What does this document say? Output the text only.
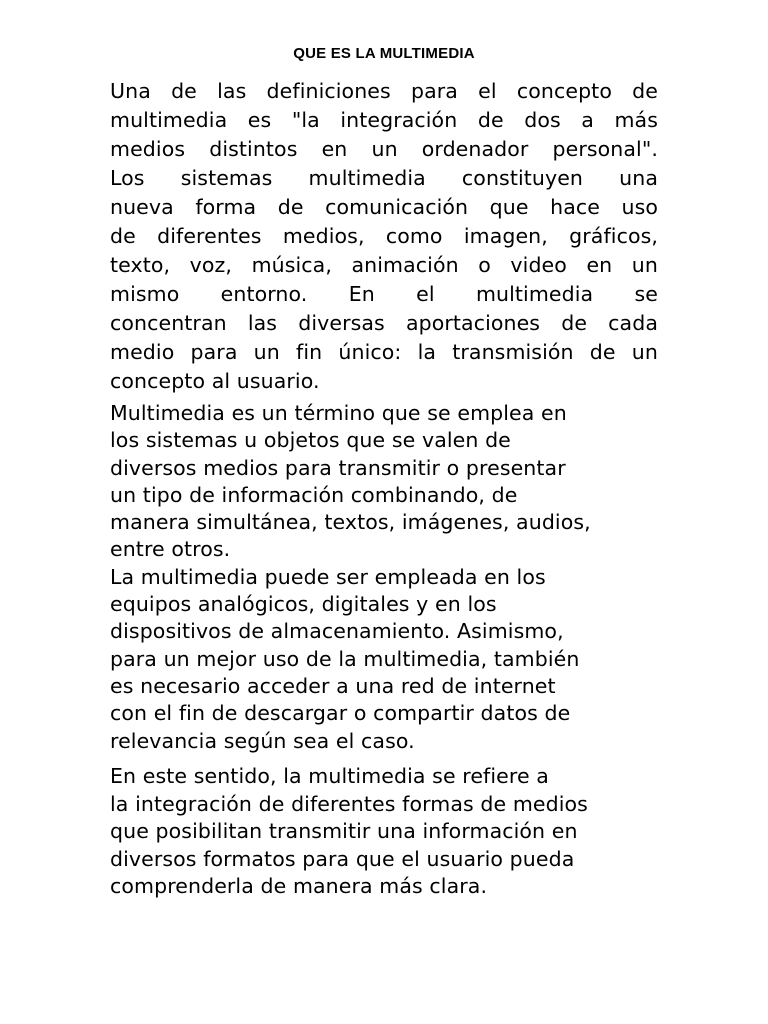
QUE ES LA MULTIMEDIA
Una de las definiciones para el concepto de
multimedia es "la integración de dos a más
medios distintos en un ordenador personal".
Los sistemas multimedia constituyen una
nueva forma de comunicación que hace uso
de diferentes medios, como imagen, gráficos,
texto, voz, música, animación o video en un
mismo entorno. En el multimedia se
concentran las diversas aportaciones de cada
medio para un fin único: la transmisión de un
concepto al usuario.
Multimedia es un término que se emplea en
los sistemas u objetos que se valen de
diversos medios para transmitir o presentar
un tipo de información combinando, de
manera simultánea, textos, imágenes, audios,
entre otros.
La multimedia puede ser empleada en los
equipos analógicos, digitales y en los
dispositivos de almacenamiento. Asimismo,
para un mejor uso de la multimedia, también
es necesario acceder a una red de internet
con el fin de descargar o compartir datos de
relevancia según sea el caso.
En este sentido, la multimedia se refiere a
la integración de diferentes formas de medios
que posibilitan transmitir una información en
diversos formatos para que el usuario pueda
comprenderla de manera más clara.
